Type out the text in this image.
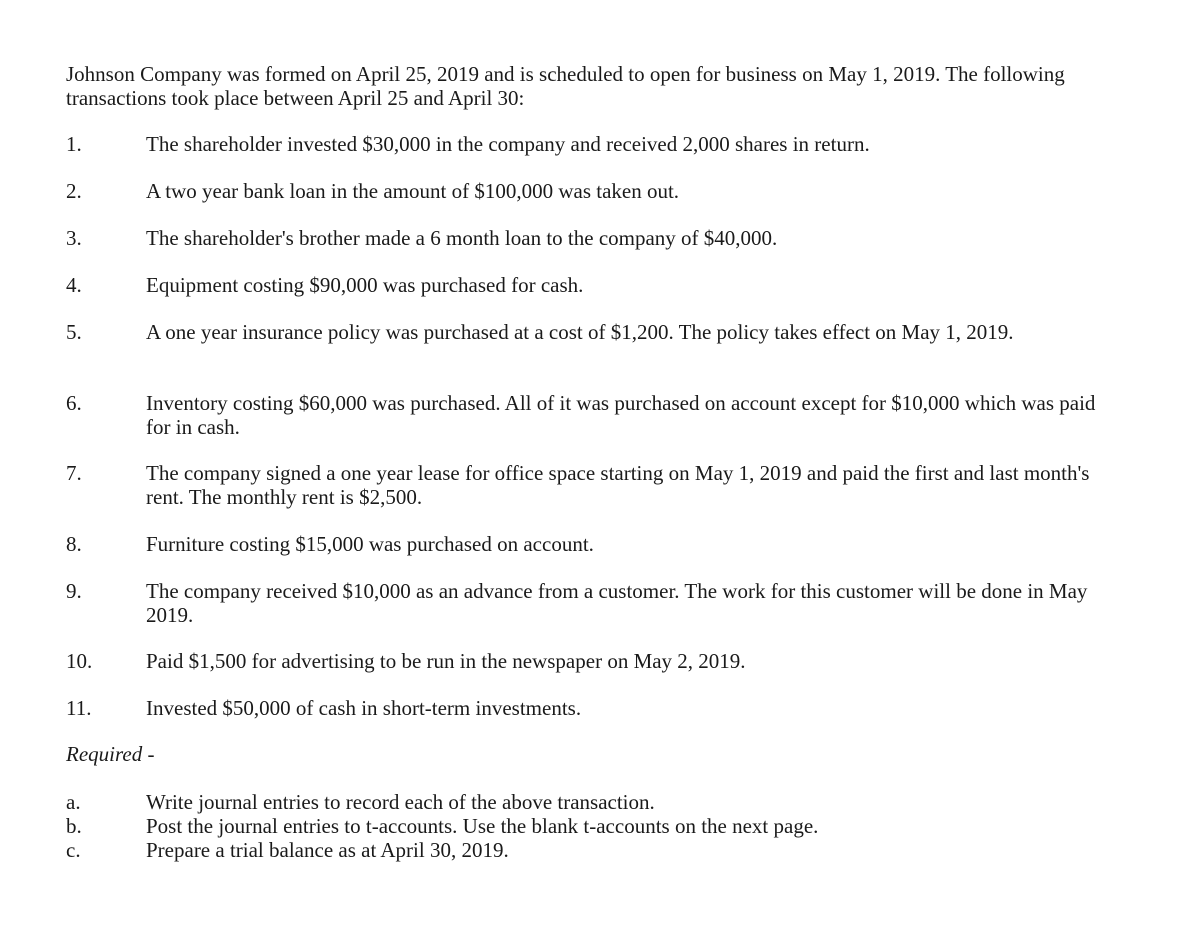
Johnson Company was formed on April 25, 2019 and is scheduled to open for business on May 1, 2019. The following transactions took place between April 25 and April 30:
1.	The shareholder invested $30,000 in the company and received 2,000 shares in return.
2.	A two year bank loan in the amount of $100,000 was taken out.
3.	The shareholder's brother made a 6 month loan to the company of $40,000.
4.	Equipment costing $90,000 was purchased for cash.
5.	A one year insurance policy was purchased at a cost of $1,200. The policy takes effect on May 1, 2019.
6.	Inventory costing $60,000 was purchased. All of it was purchased on account except for $10,000 which was paid for in cash.
7.	The company signed a one year lease for office space starting on May 1, 2019 and paid the first and last month's rent. The monthly rent is $2,500.
8.	Furniture costing $15,000 was purchased on account.
9.	The company received $10,000 as an advance from a customer. The work for this customer will be done in May 2019.
10.	Paid $1,500 for advertising to be run in the newspaper on May 2, 2019.
11.	Invested $50,000 of cash in short-term investments.
Required -
a.	Write journal entries to record each of the above transaction.
b.	Post the journal entries to t-accounts. Use the blank t-accounts on the next page.
c.	Prepare a trial balance as at April 30, 2019.
